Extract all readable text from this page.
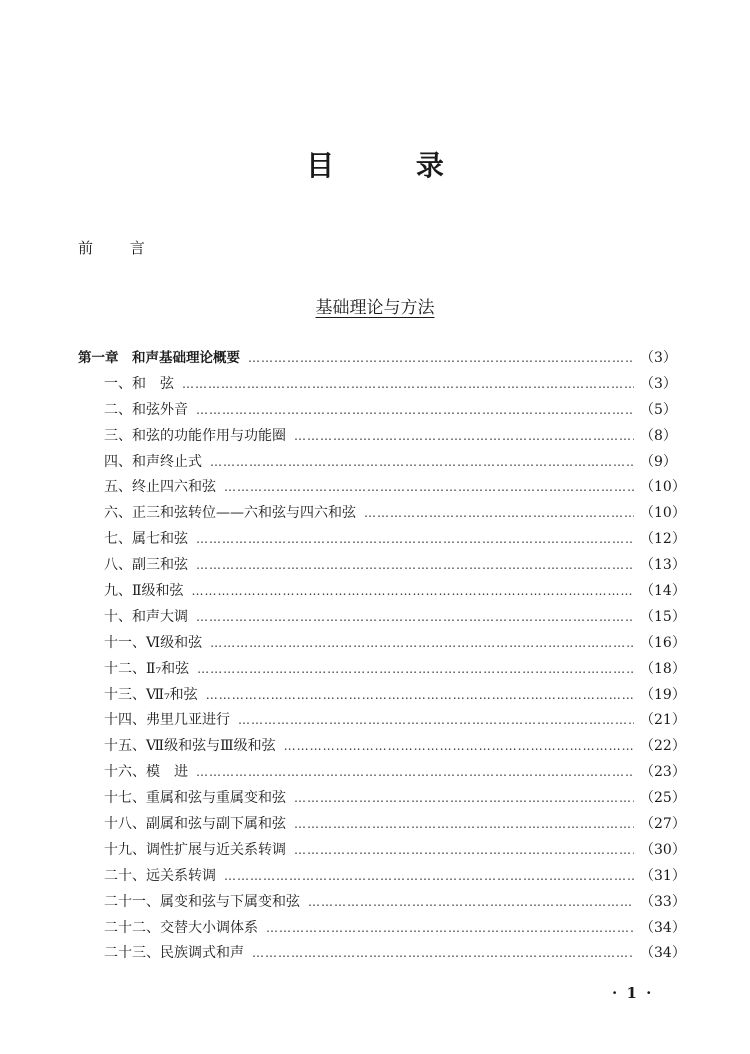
目 录
前 言
基础理论与方法
第一章　和声基础理论概要 ……………………………………………………………………………………………………………………………………………………………………	（3）
一、和　弦 ……………………………………………………………………………………………………………………………………………………………………	（3）
二、和弦外音 ……………………………………………………………………………………………………………………………………………………………………	（5）
三、和弦的功能作用与功能圈 ……………………………………………………………………………………………………………………………………………………………………	（8）
四、和声终止式 ……………………………………………………………………………………………………………………………………………………………………	（9）
五、终止四六和弦 ……………………………………………………………………………………………………………………………………………………………………	（10）
六、正三和弦转位——六和弦与四六和弦 ……………………………………………………………………………………………………………………………………………………………………	（10）
七、属七和弦 ……………………………………………………………………………………………………………………………………………………………………	（12）
八、副三和弦 ……………………………………………………………………………………………………………………………………………………………………	（13）
九、Ⅱ级和弦 ……………………………………………………………………………………………………………………………………………………………………	（14）
十、和声大调 ……………………………………………………………………………………………………………………………………………………………………	（15）
十一、Ⅵ级和弦 ……………………………………………………………………………………………………………………………………………………………………	（16）
十二、Ⅱ₇和弦 ……………………………………………………………………………………………………………………………………………………………………	（18）
十三、Ⅶ₇和弦 ……………………………………………………………………………………………………………………………………………………………………	（19）
十四、弗里几亚进行 ……………………………………………………………………………………………………………………………………………………………………	（21）
十五、Ⅶ级和弦与Ⅲ级和弦 ……………………………………………………………………………………………………………………………………………………………………	（22）
十六、模　进 ……………………………………………………………………………………………………………………………………………………………………	（23）
十七、重属和弦与重属变和弦 ……………………………………………………………………………………………………………………………………………………………………	（25）
十八、副属和弦与副下属和弦 ……………………………………………………………………………………………………………………………………………………………………	（27）
十九、调性扩展与近关系转调 ……………………………………………………………………………………………………………………………………………………………………	（30）
二十、远关系转调 ……………………………………………………………………………………………………………………………………………………………………	（31）
二十一、属变和弦与下属变和弦 ……………………………………………………………………………………………………………………………………………………………………	（33）
二十二、交替大小调体系 ……………………………………………………………………………………………………………………………………………………………………	（34）
二十三、民族调式和声 ……………………………………………………………………………………………………………………………………………………………………	（34）
· 1 ·
